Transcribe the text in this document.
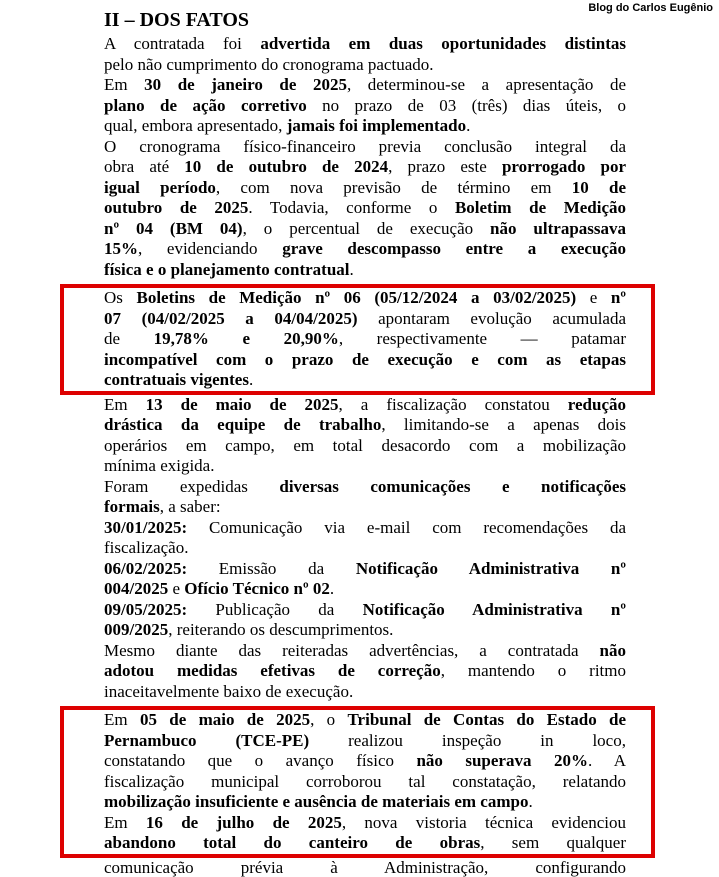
Blog do Carlos Eugênio
II – DOS FATOS
A contratada foi advertida em duas oportunidades distintas
pelo não cumprimento do cronograma pactuado.
Em 30 de janeiro de 2025, determinou-se a apresentação de
plano de ação corretivo no prazo de 03 (três) dias úteis, o
qual, embora apresentado, jamais foi implementado.
O cronograma físico-financeiro previa conclusão integral da
obra até 10 de outubro de 2024, prazo este prorrogado por
igual período, com nova previsão de término em 10 de
outubro de 2025. Todavia, conforme o Boletim de Medição
nº 04 (BM 04), o percentual de execução não ultrapassava
15%, evidenciando grave descompasso entre a execução
física e o planejamento contratual.
Os Boletins de Medição nº 06 (05/12/2024 a 03/02/2025) e nº
07 (04/02/2025 a 04/04/2025) apontaram evolução acumulada
de 19,78% e 20,90%, respectivamente — patamar
incompatível com o prazo de execução e com as etapas
contratuais vigentes.
Em 13 de maio de 2025, a fiscalização constatou redução
drástica da equipe de trabalho, limitando-se a apenas dois
operários em campo, em total desacordo com a mobilização
mínima exigida.
Foram expedidas diversas comunicações e notificações
formais, a saber:
30/01/2025: Comunicação via e-mail com recomendações da
fiscalização.
06/02/2025: Emissão da Notificação Administrativa nº
004/2025 e Ofício Técnico nº 02.
09/05/2025: Publicação da Notificação Administrativa nº
009/2025, reiterando os descumprimentos.
Mesmo diante das reiteradas advertências, a contratada não
adotou medidas efetivas de correção, mantendo o ritmo
inaceitavelmente baixo de execução.
Em 05 de maio de 2025, o Tribunal de Contas do Estado de
Pernambuco (TCE-PE) realizou inspeção in loco,
constatando que o avanço físico não superava 20%. A
fiscalização municipal corroborou tal constatação, relatando
mobilização insuficiente e ausência de materiais em campo.
Em 16 de julho de 2025, nova vistoria técnica evidenciou
abandono total do canteiro de obras, sem qualquer
comunicação prévia à Administração, configurando
